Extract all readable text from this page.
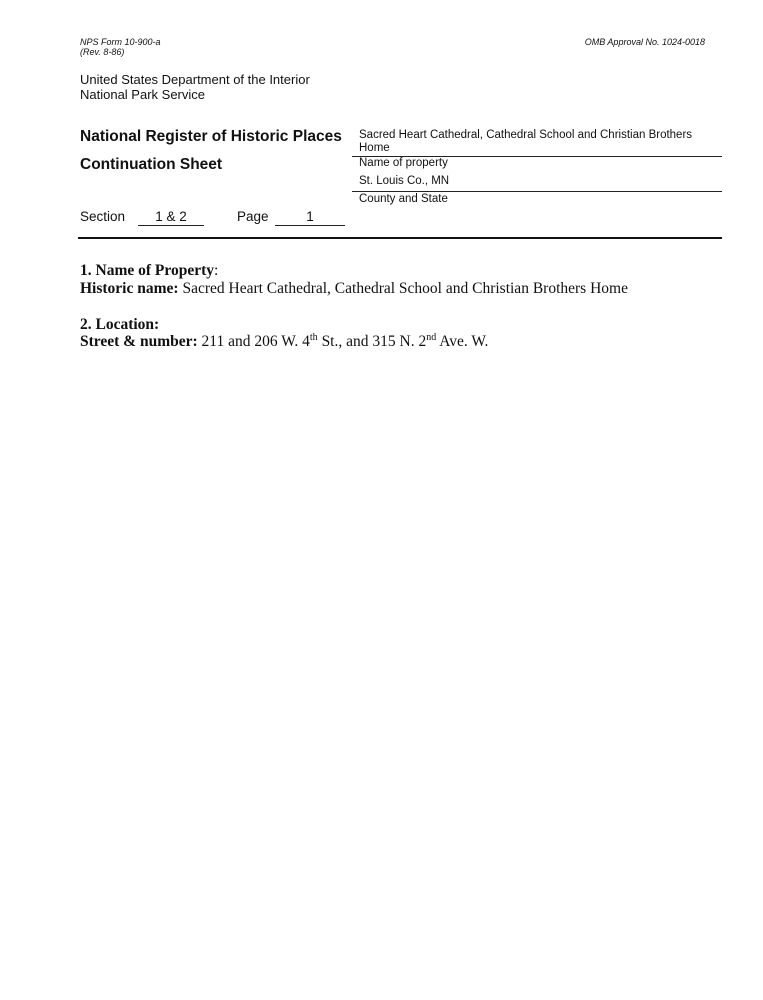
NPS Form 10-900-a
(Rev. 8-86)
OMB Approval No. 1024-0018
United States Department of the Interior
National Park Service
National Register of Historic Places
Continuation Sheet
Sacred Heart Cathedral, Cathedral School and Christian Brothers Home
Name of property
St. Louis Co., MN
County and State
Section	1 & 2	Page	1
1. Name of Property:
Historic name: Sacred Heart Cathedral, Cathedral School and Christian Brothers Home
2. Location:
Street & number: 211 and 206 W. 4th St., and 315 N. 2nd Ave. W.
